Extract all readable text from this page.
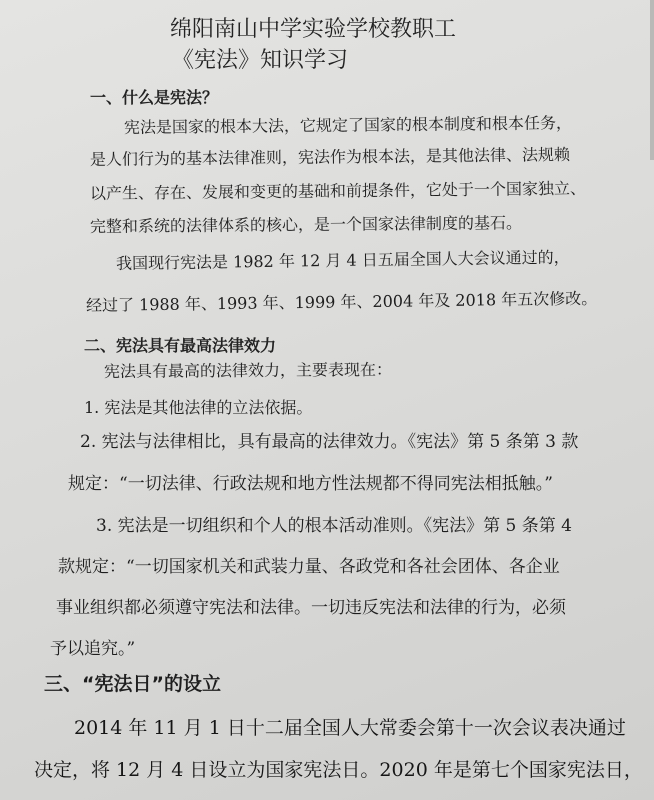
绵阳南山中学实验学校教职工
《宪法》知识学习
一、什么是宪法？
宪法是国家的根本大法，它规定了国家的根本制度和根本任务，
是人们行为的基本法律准则，宪法作为根本法，是其他法律、法规赖
以产生、存在、发展和变更的基础和前提条件，它处于一个国家独立、
完整和系统的法律体系的核心，是一个国家法律制度的基石。
我国现行宪法是 1982 年 12 月 4 日五届全国人大会议通过的，
经过了 1988 年、1993 年、1999 年、2004 年及 2018 年五次修改。
二、宪法具有最高法律效力
宪法具有最高的法律效力，主要表现在：
1. 宪法是其他法律的立法依据。
2. 宪法与法律相比，具有最高的法律效力。《宪法》第 5 条第 3 款
规定：“一切法律、行政法规和地方性法规都不得同宪法相抵触。”
3. 宪法是一切组织和个人的根本活动准则。《宪法》第 5 条第 4
款规定：“一切国家机关和武装力量、各政党和各社会团体、各企业
事业组织都必须遵守宪法和法律。一切违反宪法和法律的行为，必须
予以追究。”
三、“宪法日”的设立
2014 年 11 月 1 日十二届全国人大常委会第十一次会议表决通过
决定，将 12 月 4 日设立为国家宪法日。2020 年是第七个国家宪法日，
